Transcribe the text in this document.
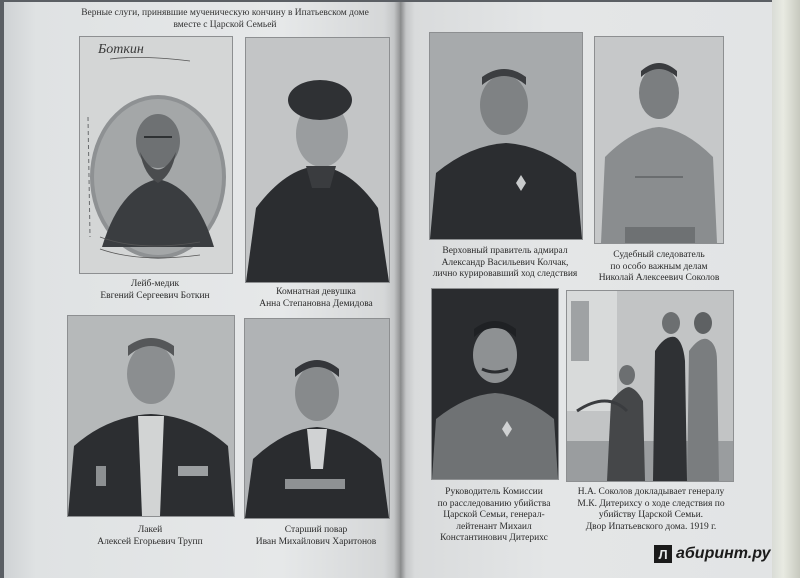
Верные слуги, принявшие мученическую кончину в Ипатьевском доме
вместе с Царской Семьей
Боткин
Лейб-медик
Евгений Сергеевич Боткин	Комнатная девушка
Анна Степановна Демидова
Лакей
Алексей Егорьевич Трупп
Старший повар
Иван Михайлович Харитонов
Верховный правитель адмирал
Александр Васильевич Колчак,
лично курировавший ход следствия
Судебный следователь
по особо важным делам
Николай Алексеевич Соколов
Руководитель Комиссии
по расследованию убийства
Царской Семьи, генерал-
лейтенант Михаил
Константинович Дитерихс
Н.А. Соколов докладывает генералу
М.К. Дитерихсу о ходе следствия по
убийству Царской Семьи.
Двор Ипатьевского дома. 1919 г.
Л абиринт.ру
